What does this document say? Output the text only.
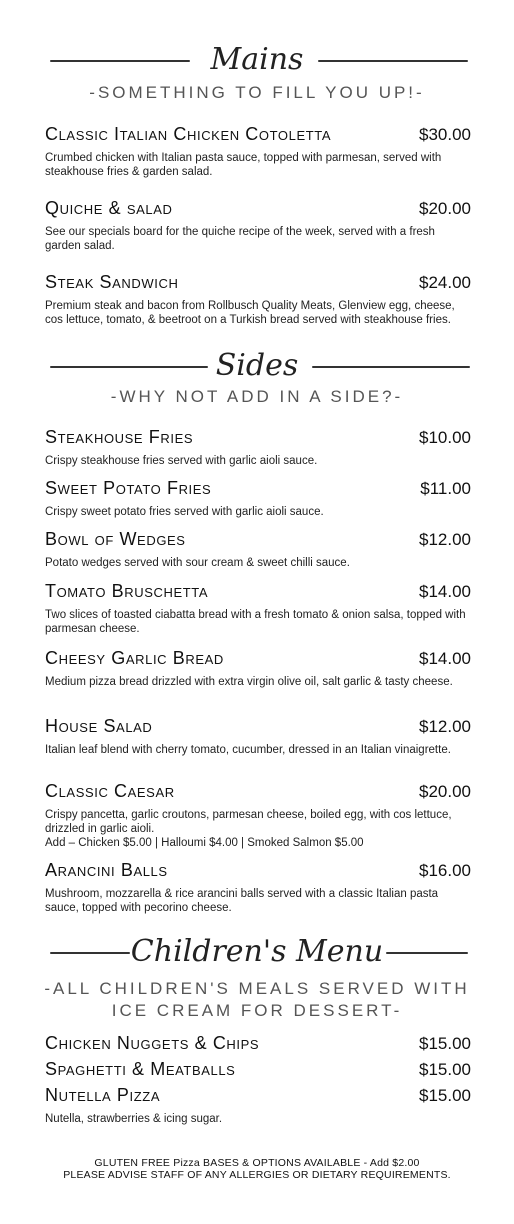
Mains
-SOMETHING TO FILL YOU UP!-
Classic Italian Chicken Cotoletta	$30.00
Crumbed chicken with Italian pasta sauce, topped with parmesan, served with steakhouse fries & garden salad.
Quiche & salad	$20.00
See our specials board for the quiche recipe of the week, served with a fresh garden salad.
Steak Sandwich	$24.00
Premium steak and bacon from Rollbusch Quality Meats, Glenview egg, cheese, cos lettuce, tomato, & beetroot on a Turkish bread served with steakhouse fries.
Sides
-WHY NOT ADD IN A SIDE?-
Steakhouse Fries	$10.00
Crispy steakhouse fries served with garlic aioli sauce.
Sweet Potato Fries	$11.00
Crispy sweet potato fries served with garlic aioli sauce.
Bowl of Wedges	$12.00
Potato wedges served with sour cream & sweet chilli sauce.
Tomato Bruschetta	$14.00
Two slices of toasted ciabatta bread with a fresh tomato & onion salsa, topped with parmesan cheese.
Cheesy Garlic Bread	$14.00
Medium pizza bread drizzled with extra virgin olive oil, salt garlic & tasty cheese.
House Salad	$12.00
Italian leaf blend with cherry tomato, cucumber, dressed in an Italian vinaigrette.
Classic Caesar	$20.00
Crispy pancetta, garlic croutons, parmesan cheese, boiled egg, with cos lettuce, drizzled in garlic aioli.
Add – Chicken $5.00 | Halloumi $4.00 | Smoked Salmon $5.00
Arancini Balls	$16.00
Mushroom, mozzarella & rice arancini balls served with a classic Italian pasta sauce, topped with pecorino cheese.
Children's Menu
-ALL CHILDREN'S MEALS SERVED WITH
ICE CREAM FOR DESSERT-
Chicken Nuggets & Chips	$15.00
Spaghetti & Meatballs	$15.00
Nutella Pizza	$15.00
Nutella, strawberries & icing sugar.
GLUTEN FREE Pizza BASES & OPTIONS AVAILABLE - Add $2.00
PLEASE ADVISE STAFF OF ANY ALLERGIES OR DIETARY REQUIREMENTS.
